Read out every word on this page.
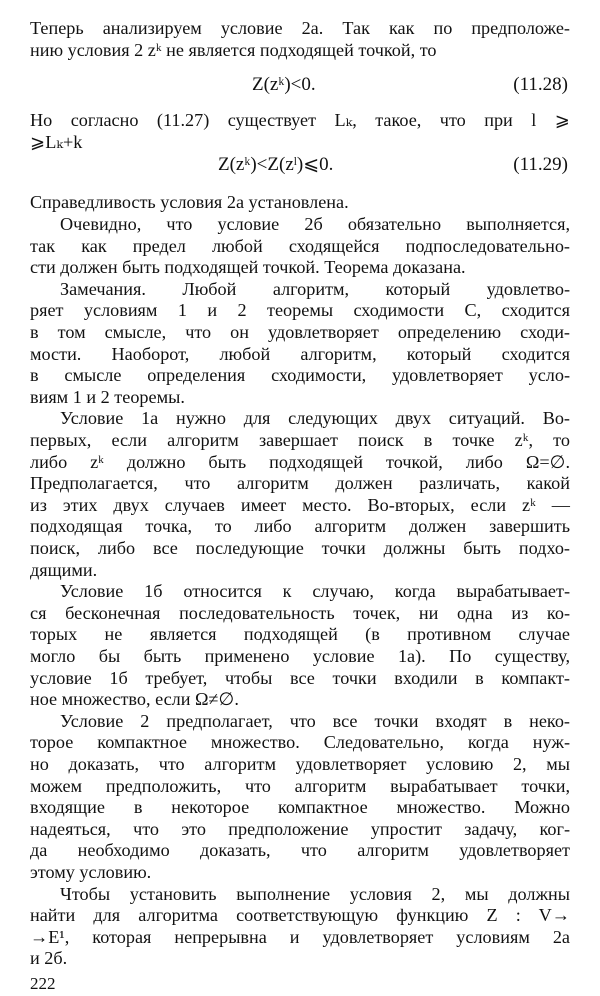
Теперь анализируем условие 2а. Так как по предположе-
нию условия 2 zᵏ не является подходящей точкой, то
Z(zᵏ)<0.	(11.28)
Но согласно (11.27) существует Lₖ, такое, что при l ⩾
⩾Lₖ+k
Z(zᵏ)<Z(zˡ)⩽0.	(11.29)
Справедливость условия 2а установлена.
Очевидно, что условие 2б обязательно выполняется,
так как предел любой сходящейся подпоследовательно-
сти должен быть подходящей точкой. Теорема доказана.
Замечания. Любой алгоритм, который удовлетво-
ряет условиям 1 и 2 теоремы сходимости С, сходится
в том смысле, что он удовлетворяет определению сходи-
мости. Наоборот, любой алгоритм, который сходится
в смысле определения сходимости, удовлетворяет усло-
виям 1 и 2 теоремы.
Условие 1а нужно для следующих двух ситуаций. Во-
первых, если алгоритм завершает поиск в точке zᵏ, то
либо zᵏ должно быть подходящей точкой, либо Ω=∅.
Предполагается, что алгоритм должен различать, какой
из этих двух случаев имеет место. Во-вторых, если zᵏ —
подходящая точка, то либо алгоритм должен завершить
поиск, либо все последующие точки должны быть подхо-
дящими.
Условие 1б относится к случаю, когда вырабатывает-
ся бесконечная последовательность точек, ни одна из ко-
торых не является подходящей (в противном случае
могло бы быть применено условие 1а). По существу,
условие 1б требует, чтобы все точки входили в компакт-
ное множество, если Ω≠∅.
Условие 2 предполагает, что все точки входят в неко-
торое компактное множество. Следовательно, когда нуж-
но доказать, что алгоритм удовлетворяет условию 2, мы
можем предположить, что алгоритм вырабатывает точки,
входящие в некоторое компактное множество. Можно
надеяться, что это предположение упростит задачу, ког-
да необходимо доказать, что алгоритм удовлетворяет
этому условию.
Чтобы установить выполнение условия 2, мы должны
найти для алгоритма соответствующую функцию Z : V→
→E¹, которая непрерывна и удовлетворяет условиям 2а
и 2б.
222
